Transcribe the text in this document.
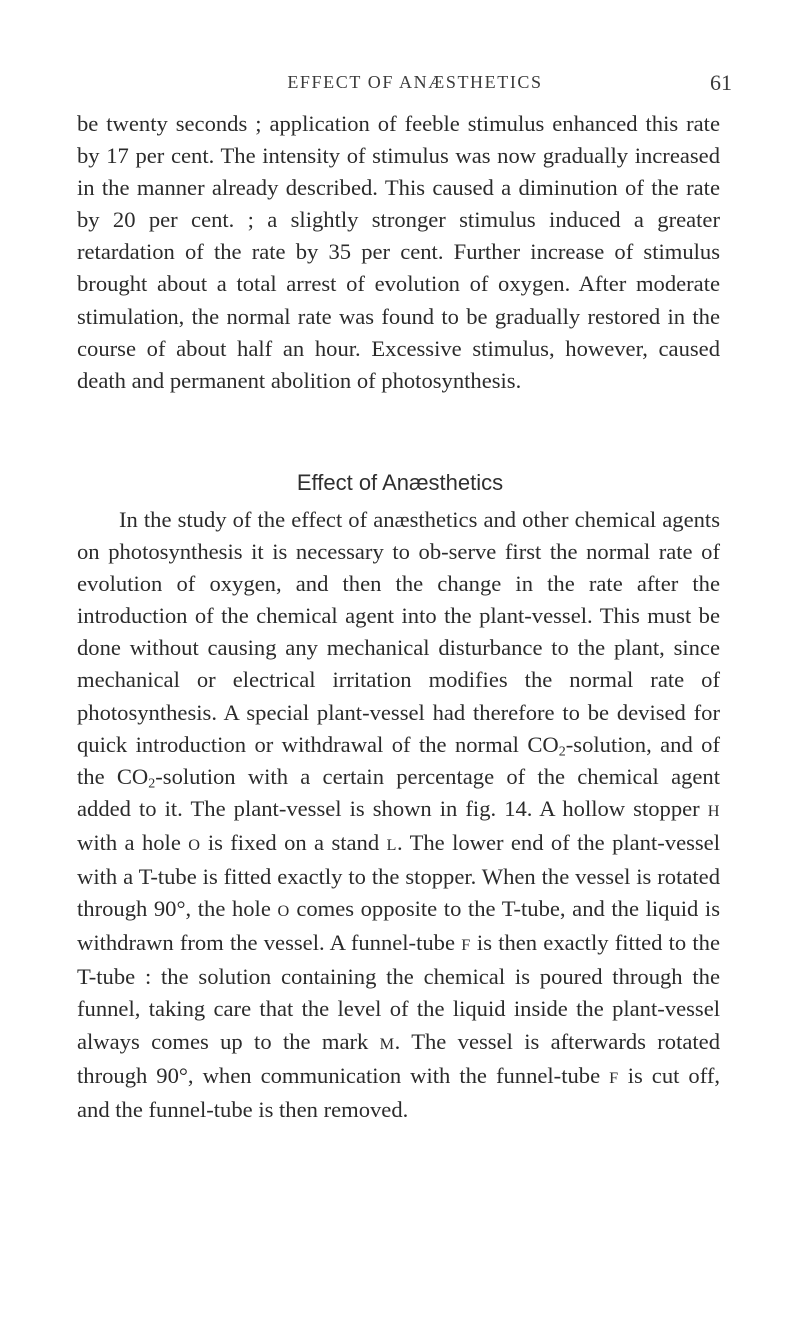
EFFECT OF ANÆSTHETICS	61

be twenty seconds ; application of feeble stimulus enhanced this rate by 17 per cent. The intensity of stimulus was now gradually increased in the manner already described. This caused a diminution of the rate by 20 per cent. ; a slightly stronger stimulus induced a greater retardation of the rate by 35 per cent. Further increase of stimulus brought about a total arrest of evolution of oxygen. After moderate stimulation, the normal rate was found to be gradually restored in the course of about half an hour. Excessive stimulus, however, caused death and permanent abolition of photosynthesis.

Effect of Anæsthetics

In the study of the effect of anæsthetics and other chemical agents on photosynthesis it is necessary to ob-serve first the normal rate of evolution of oxygen, and then the change in the rate after the introduction of the chemical agent into the plant-vessel. This must be done without causing any mechanical disturbance to the plant, since mechanical or electrical irritation modifies the normal rate of photosynthesis. A special plant-vessel had therefore to be devised for quick introduction or withdrawal of the normal $CO_2$-solution, and of the $CO_2$-solution with a certain percentage of the chemical agent added to it. The plant-vessel is shown in fig. 14. A hollow stopper H with a hole O is fixed on a stand L. The lower end of the plant-vessel with a T-tube is fitted exactly to the stopper. When the vessel is rotated through 90°, the hole O comes opposite to the T-tube, and the liquid is withdrawn from the vessel. A funnel-tube F is then exactly fitted to the T-tube : the solution containing the chemical is poured through the funnel, taking care that the level of the liquid inside the plant-vessel always comes up to the mark M. The vessel is afterwards rotated through 90°, when communication with the funnel-tube F is cut off, and the funnel-tube is then removed.
